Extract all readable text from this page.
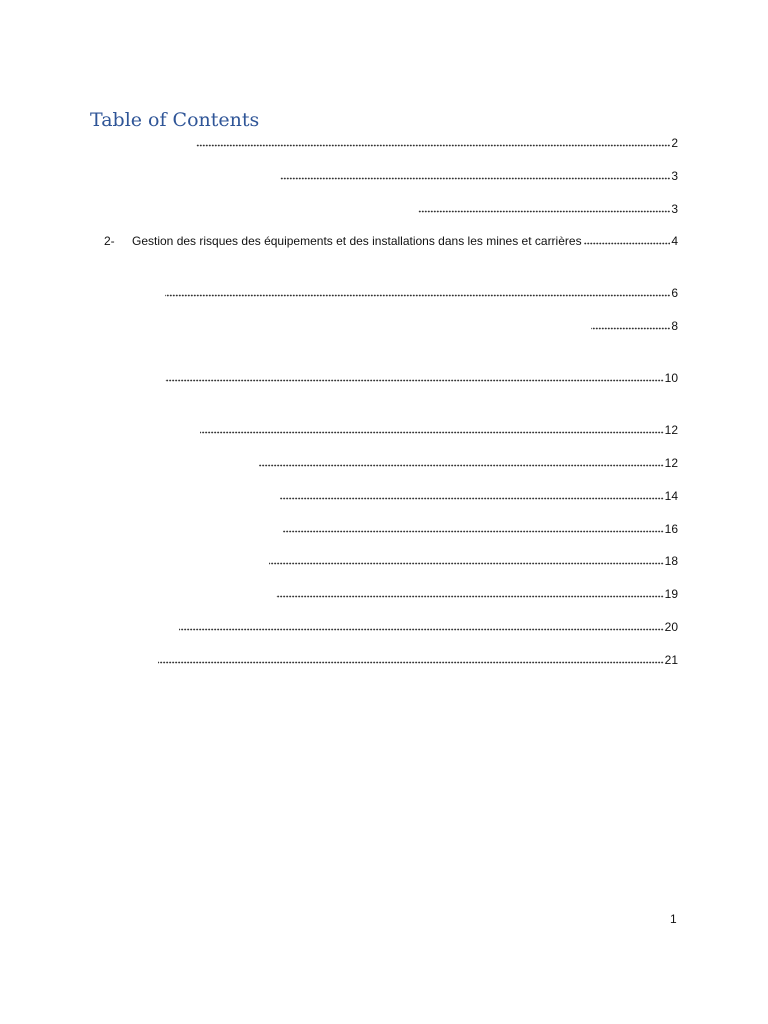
Table of Contents
2
3
3
2-	Gestion des risques des équipements et des installations dans les mines et carrières	4
6
8
10
12
12
14
16
18
19
20
21
1
